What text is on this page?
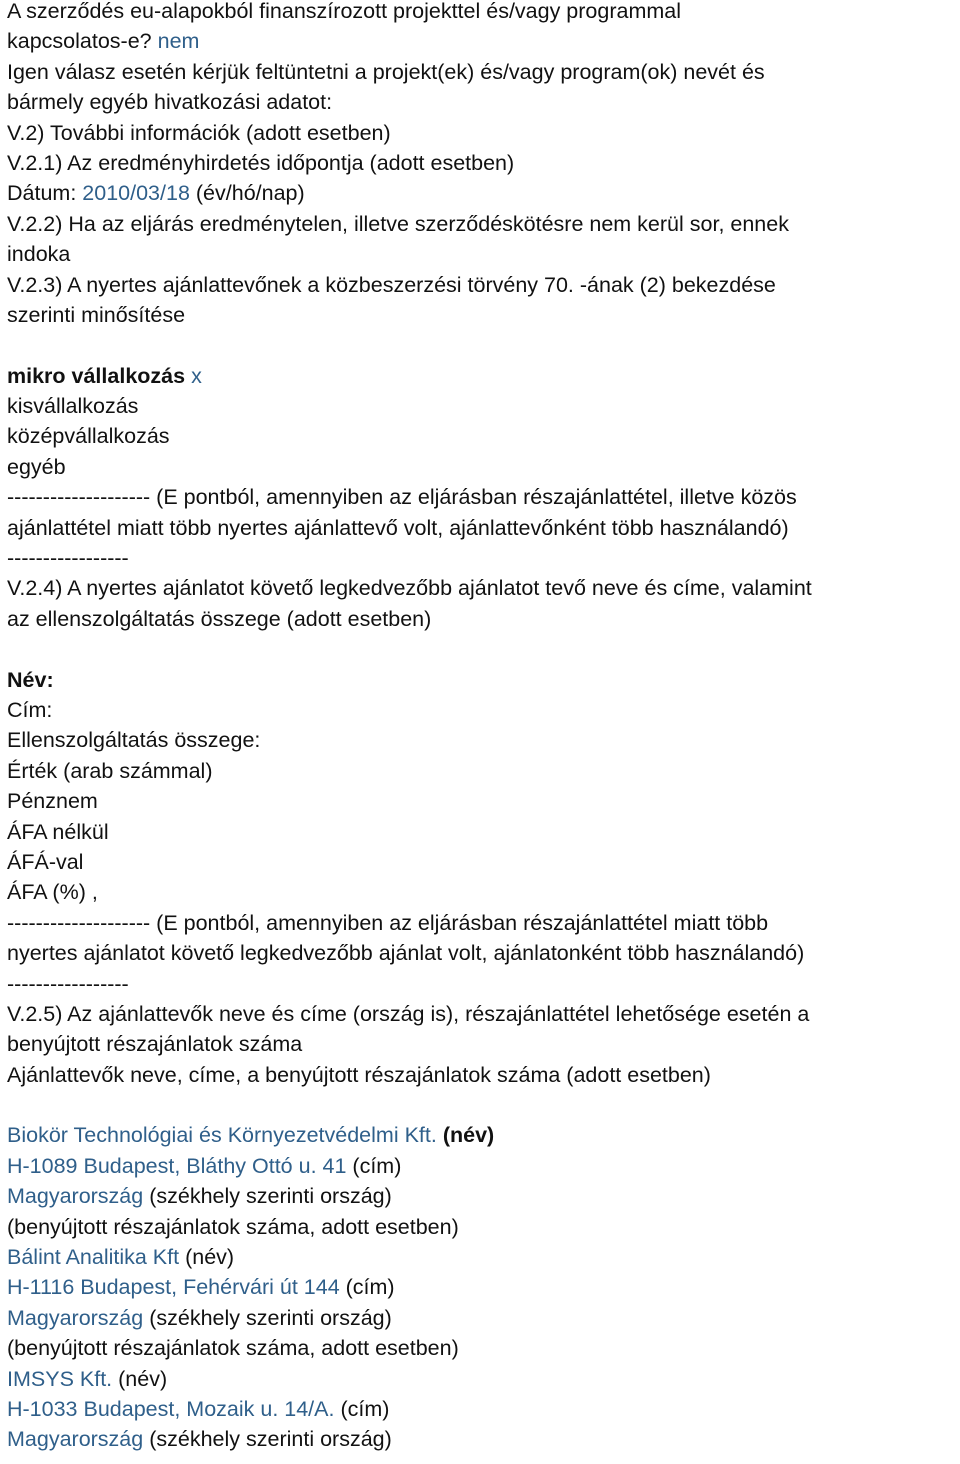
A szerződés eu-alapokból finanszírozott projekttel és/vagy programmal
kapcsolatos-e? nem
Igen válasz esetén kérjük feltüntetni a projekt(ek) és/vagy program(ok) nevét és
bármely egyéb hivatkozási adatot:
V.2) További információk (adott esetben)
V.2.1) Az eredményhirdetés időpontja (adott esetben)
Dátum: 2010/03/18 (év/hó/nap)
V.2.2) Ha az eljárás eredménytelen, illetve szerződéskötésre nem kerül sor, ennek
indoka
V.2.3) A nyertes ajánlattevőnek a közbeszerzési törvény 70. -ának (2) bekezdése
szerinti minősítése
mikro vállalkozás x
kisvállalkozás
középvállalkozás
egyéb
-------------------- (E pontból, amennyiben az eljárásban részajánlattétel, illetve közös
ajánlattétel miatt több nyertes ajánlattevő volt, ajánlattevőnként több használandó)
-----------------
V.2.4) A nyertes ajánlatot követő legkedvezőbb ajánlatot tevő neve és címe, valamint
az ellenszolgáltatás összege (adott esetben)
Név:
Cím:
Ellenszolgáltatás összege:
Érték (arab számmal)
Pénznem
ÁFA nélkül
ÁFÁ-val
ÁFA (%) ,
-------------------- (E pontból, amennyiben az eljárásban részajánlattétel miatt több
nyertes ajánlatot követő legkedvezőbb ajánlat volt, ajánlatonként több használandó)
-----------------
V.2.5) Az ajánlattevők neve és címe (ország is), részajánlattétel lehetősége esetén a
benyújtott részajánlatok száma
Ajánlattevők neve, címe, a benyújtott részajánlatok száma (adott esetben)
Biokör Technológiai és Környezetvédelmi Kft. (név)
H-1089 Budapest, Bláthy Ottó u. 41 (cím)
Magyarország (székhely szerinti ország)
(benyújtott részajánlatok száma, adott esetben)
Bálint Analitika Kft (név)
H-1116 Budapest, Fehérvári út 144 (cím)
Magyarország (székhely szerinti ország)
(benyújtott részajánlatok száma, adott esetben)
IMSYS Kft. (név)
H-1033 Budapest, Mozaik u. 14/A. (cím)
Magyarország (székhely szerinti ország)
